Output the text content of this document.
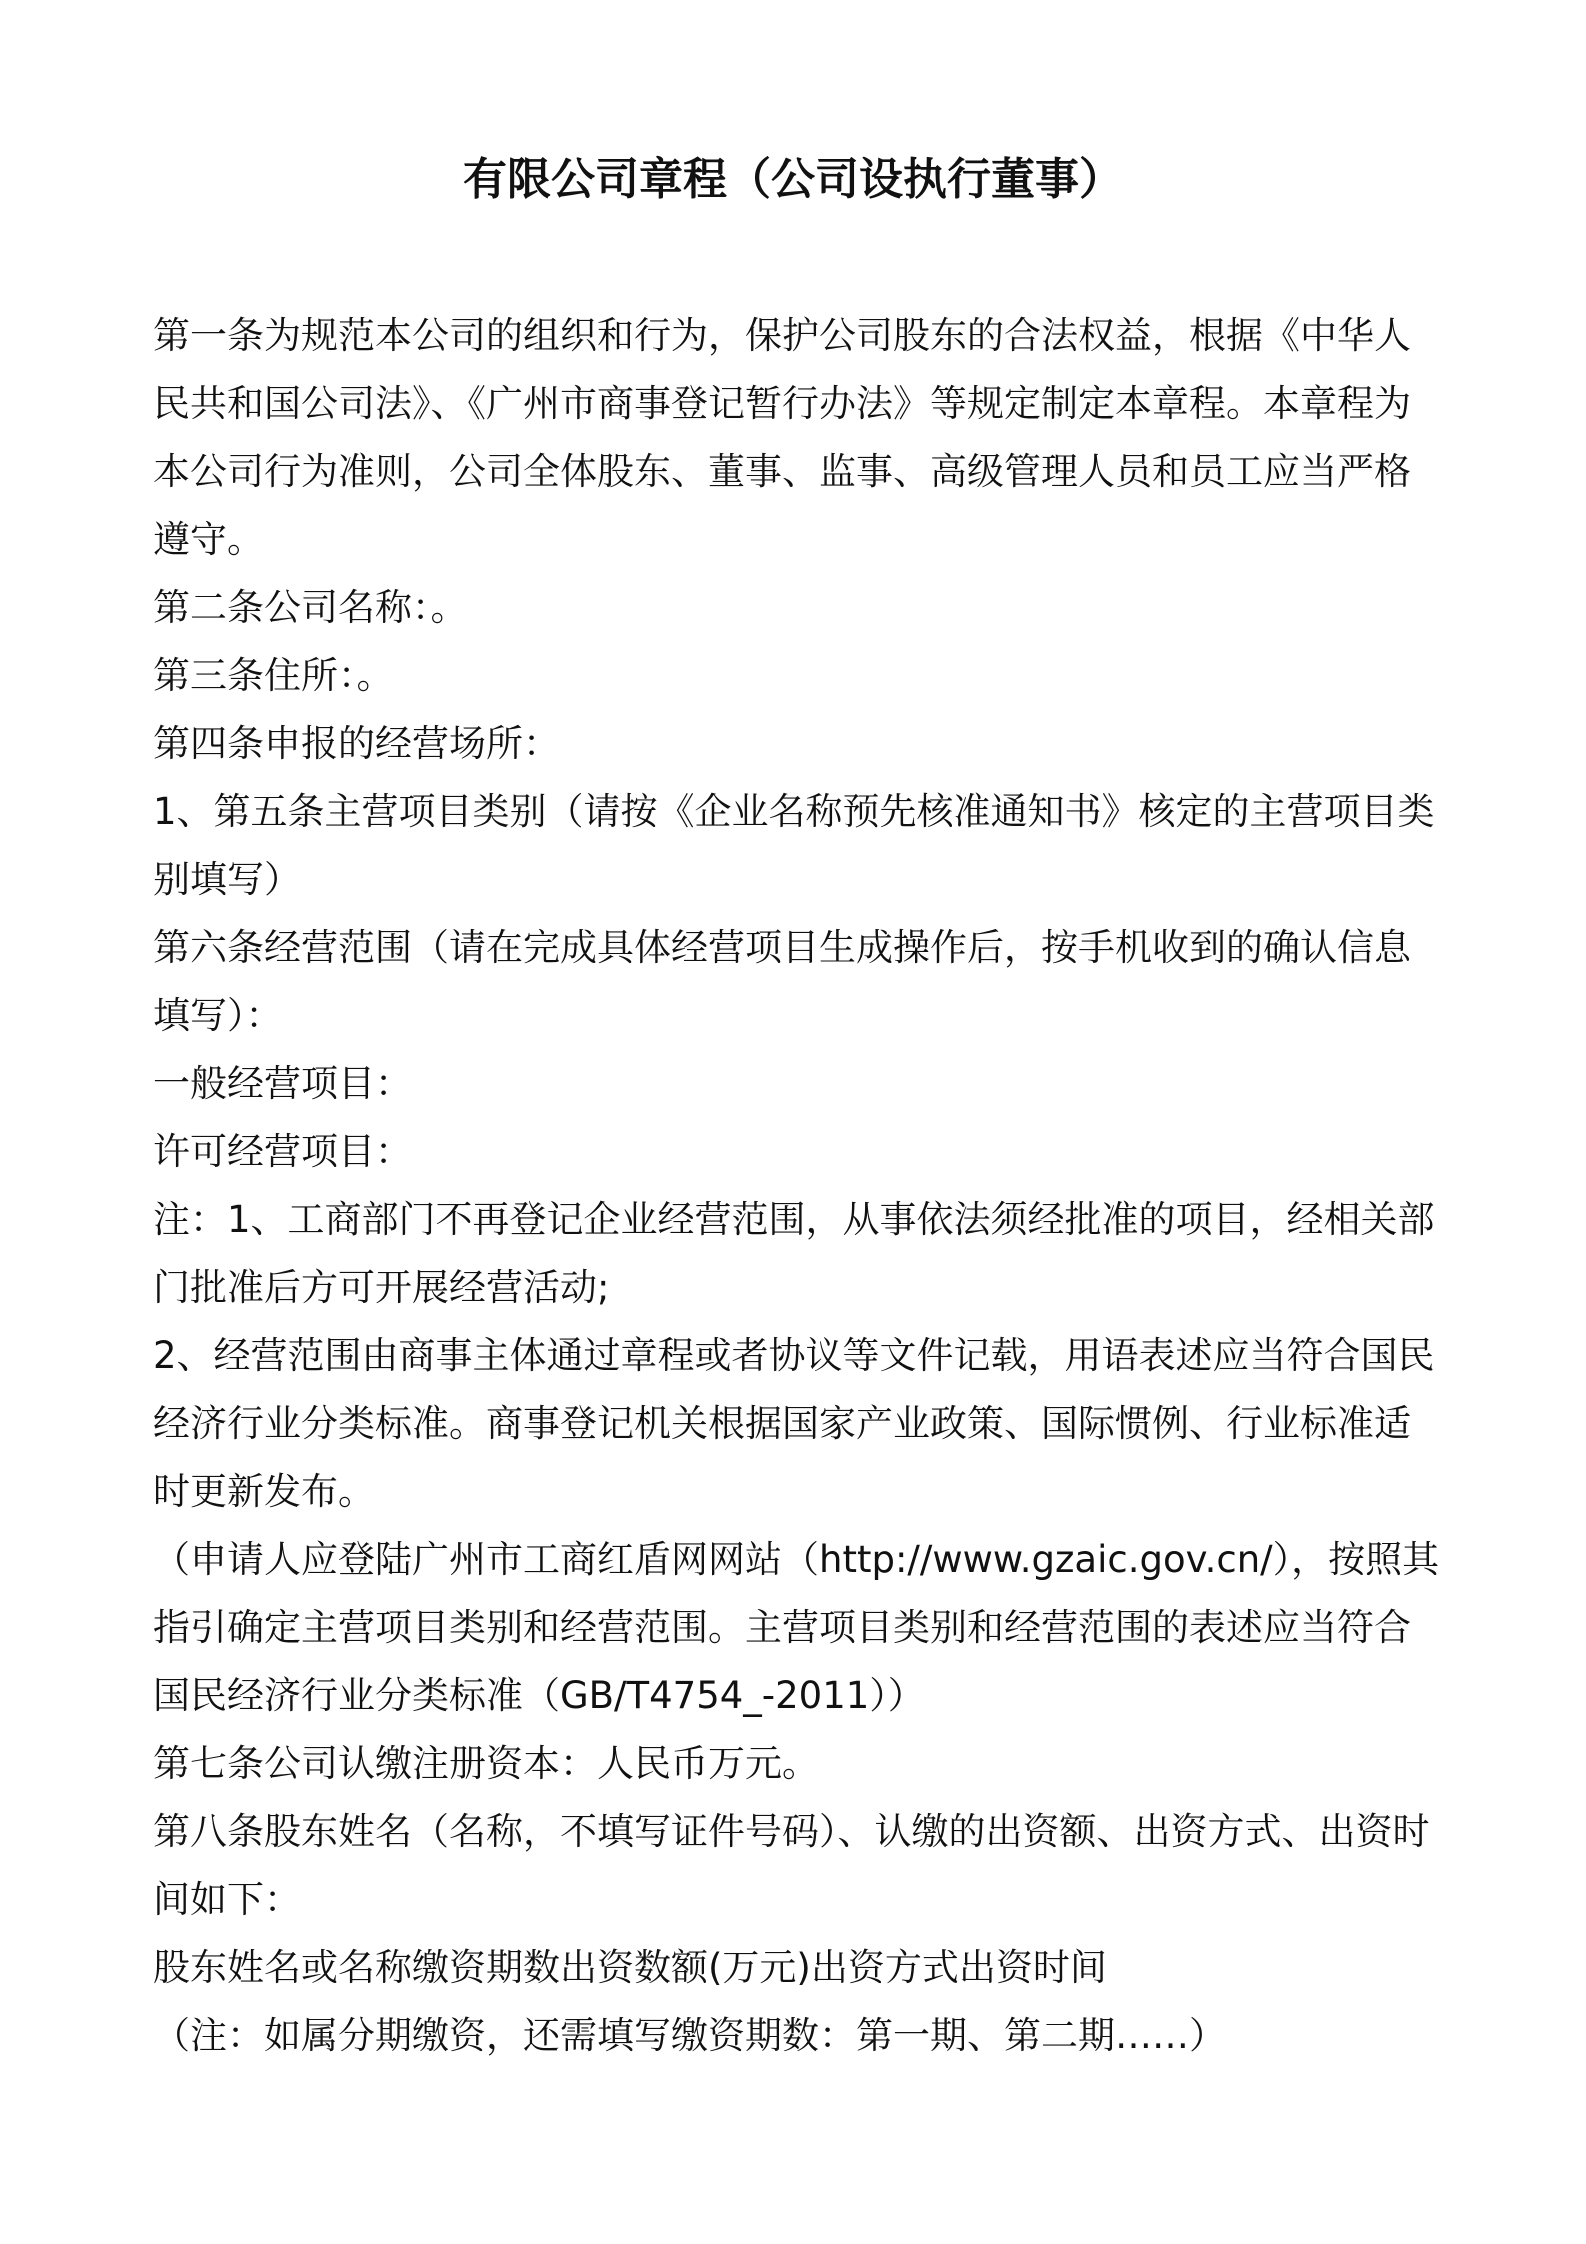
有限公司章程（公司设执行董事）

第一条为规范本公司的组织和行为，保护公司股东的合法权益，根据《中华人民共和国公司法》、《广州市商事登记暂行办法》等规定制定本章程。本章程为本公司行为准则，公司全体股东、董事、监事、高级管理人员和员工应当严格遵守。

第二条公司名称：。

第三条住所：。

第四条申报的经营场所：

1、第五条主营项目类别（请按《企业名称预先核准通知书》核定的主营项目类别填写）

第六条经营范围（请在完成具体经营项目生成操作后，按手机收到的确认信息填写）：

一般经营项目：

许可经营项目：

注：1、工商部门不再登记企业经营范围，从事依法须经批准的项目，经相关部门批准后方可开展经营活动;

2、经营范围由商事主体通过章程或者协议等文件记载，用语表述应当符合国民经济行业分类标准。商事登记机关根据国家产业政策、国际惯例、行业标准适时更新发布。

（申请人应登陆广州市工商红盾网网站（http://www.gzaic.gov.cn/），按照其指引确定主营项目类别和经营范围。主营项目类别和经营范围的表述应当符合国民经济行业分类标准（GB/T4754_-2011））

第七条公司认缴注册资本：人民币万元。

第八条股东姓名（名称，不填写证件号码）、认缴的出资额、出资方式、出资时间如下：

股东姓名或名称缴资期数出资数额(万元)出资方式出资时间

（注：如属分期缴资，还需填写缴资期数：第一期、第二期……）
